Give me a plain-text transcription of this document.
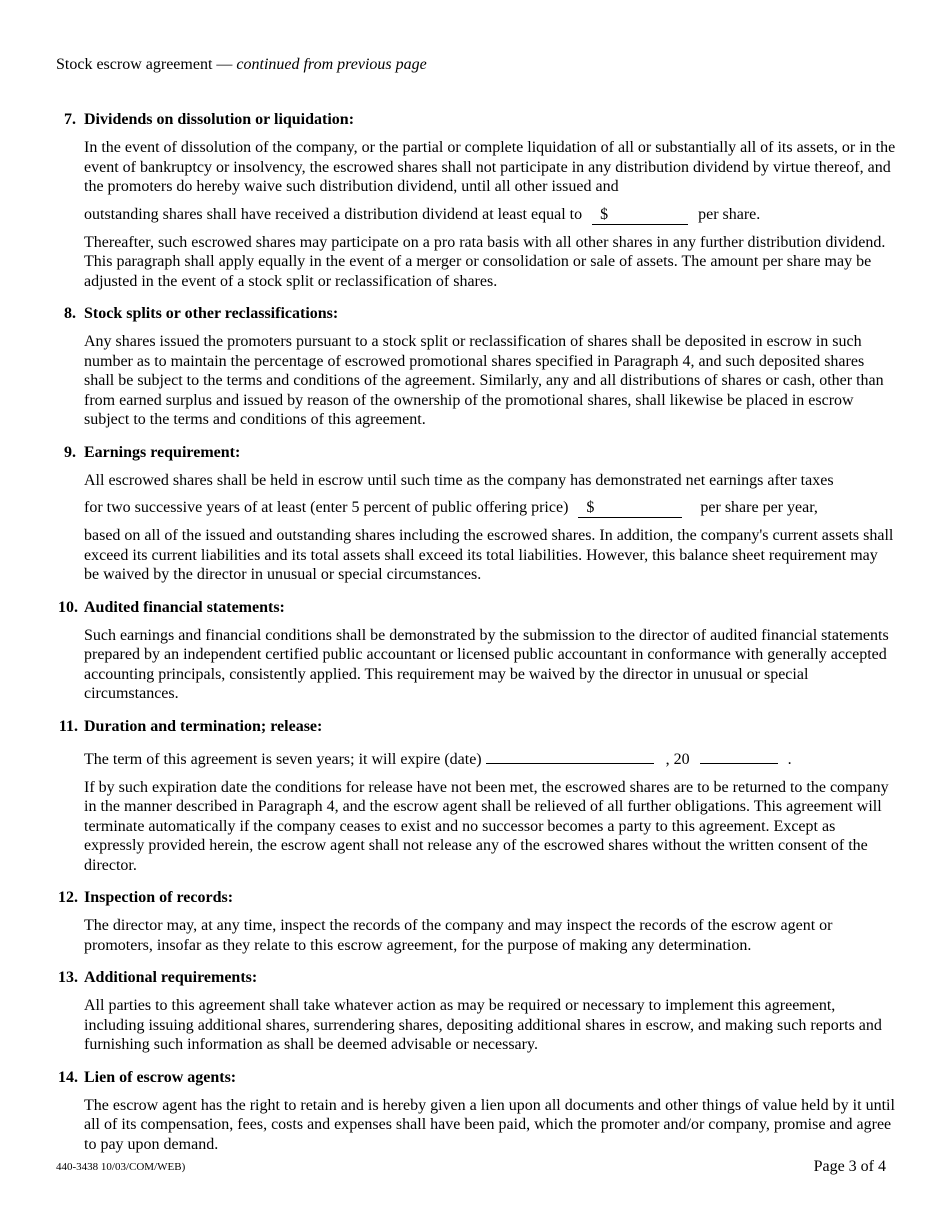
Stock escrow agreement — continued from previous page
7. Dividends on dissolution or liquidation:

In the event of dissolution of the company, or the partial or complete liquidation of all or substantially all of its assets, or in the event of bankruptcy or insolvency, the escrowed shares shall not participate in any distribution dividend by virtue thereof, and the promoters do hereby waive such distribution dividend, until all other issued and

outstanding shares shall have received a distribution dividend at least equal to $	per share.

Thereafter, such escrowed shares may participate on a pro rata basis with all other shares in any further distribution dividend. This paragraph shall apply equally in the event of a merger or consolidation or sale of assets. The amount per share may be adjusted in the event of a stock split or reclassification of shares.

8. Stock splits or other reclassifications:

Any shares issued the promoters pursuant to a stock split or reclassification of shares shall be deposited in escrow in such number as to maintain the percentage of escrowed promotional shares specified in Paragraph 4, and such deposited shares shall be subject to the terms and conditions of the agreement. Similarly, any and all distributions of shares or cash, other than from earned surplus and issued by reason of the ownership of the promotional shares, shall likewise be placed in escrow subject to the terms and conditions of this agreement.

9. Earnings requirement:

All escrowed shares shall be held in escrow until such time as the company has demonstrated net earnings after taxes

for two successive years of at least (enter 5 percent of public offering price) $	per share per year,

based on all of the issued and outstanding shares including the escrowed shares. In addition, the company's current assets shall exceed its current liabilities and its total assets shall exceed its total liabilities. However, this balance sheet requirement may be waived by the director in unusual or special circumstances.

10. Audited financial statements:

Such earnings and financial conditions shall be demonstrated by the submission to the director of audited financial statements prepared by an independent certified public accountant or licensed public accountant in conformance with generally accepted accounting principals, consistently applied. This requirement may be waived by the director in unusual or special circumstances.

11. Duration and termination; release:
The term of this agreement is seven years; it will expire (date)	, 20	.

If by such expiration date the conditions for release have not been met, the escrowed shares are to be returned to the company in the manner described in Paragraph 4, and the escrow agent shall be relieved of all further obligations. This agreement will terminate automatically if the company ceases to exist and no successor becomes a party to this agreement. Except as expressly provided herein, the escrow agent shall not release any of the escrowed shares without the written consent of the director.

12. Inspection of records:

The director may, at any time, inspect the records of the company and may inspect the records of the escrow agent or promoters, insofar as they relate to this escrow agreement, for the purpose of making any determination.

13. Additional requirements:

All parties to this agreement shall take whatever action as may be required or necessary to implement this agreement, including issuing additional shares, surrendering shares, depositing additional shares in escrow, and making such reports and furnishing such information as shall be deemed advisable or necessary.

14. Lien of escrow agents:

The escrow agent has the right to retain and is hereby given a lien upon all documents and other things of value held by it until all of its compensation, fees, costs and expenses shall have been paid, which the promoter and/or company, promise and agree to pay upon demand.

440-3438 10/03/COM/WEB)	Page 3 of 4
